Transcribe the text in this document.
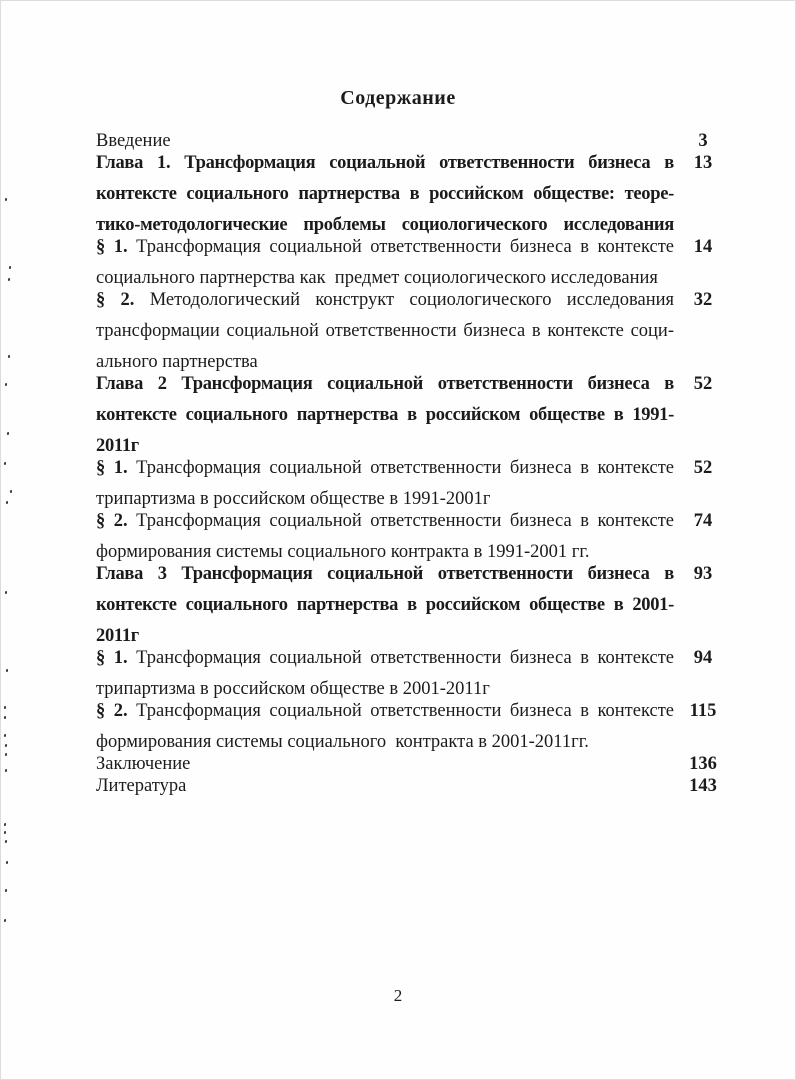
Содержание
Введение	3
Глава 1. Трансформация социальной ответственности бизнеса в	13
контексте социального партнерства в российском обществе: теоре-
тико-методологические проблемы социологического исследования
§ 1. Трансформация социальной ответственности бизнеса в контексте	14
социального партнерства как  предмет социологического исследования
§ 2. Методологический конструкт социологического исследования	32
трансформации социальной ответственности бизнеса в контексте соци-
ального партнерства
Глава 2 Трансформация социальной ответственности бизнеса в	52
контексте социального партнерства в российском обществе в 1991-
2011г
§ 1. Трансформация социальной ответственности бизнеса в контексте	52
трипартизма в российском обществе в 1991-2001г
§ 2. Трансформация социальной ответственности бизнеса в контексте	74
формирования системы социального контракта в 1991-2001 гг.
Глава 3 Трансформация социальной ответственности бизнеса в	93
контексте социального партнерства в российском обществе в 2001-
2011г
§ 1. Трансформация социальной ответственности бизнеса в контексте	94
трипартизма в российском обществе в 2001-2011г
§ 2. Трансформация социальной ответственности бизнеса в контексте 115
формирования системы социального  контракта в 2001-2011гг.
Заключение	136
Литература	143
2
